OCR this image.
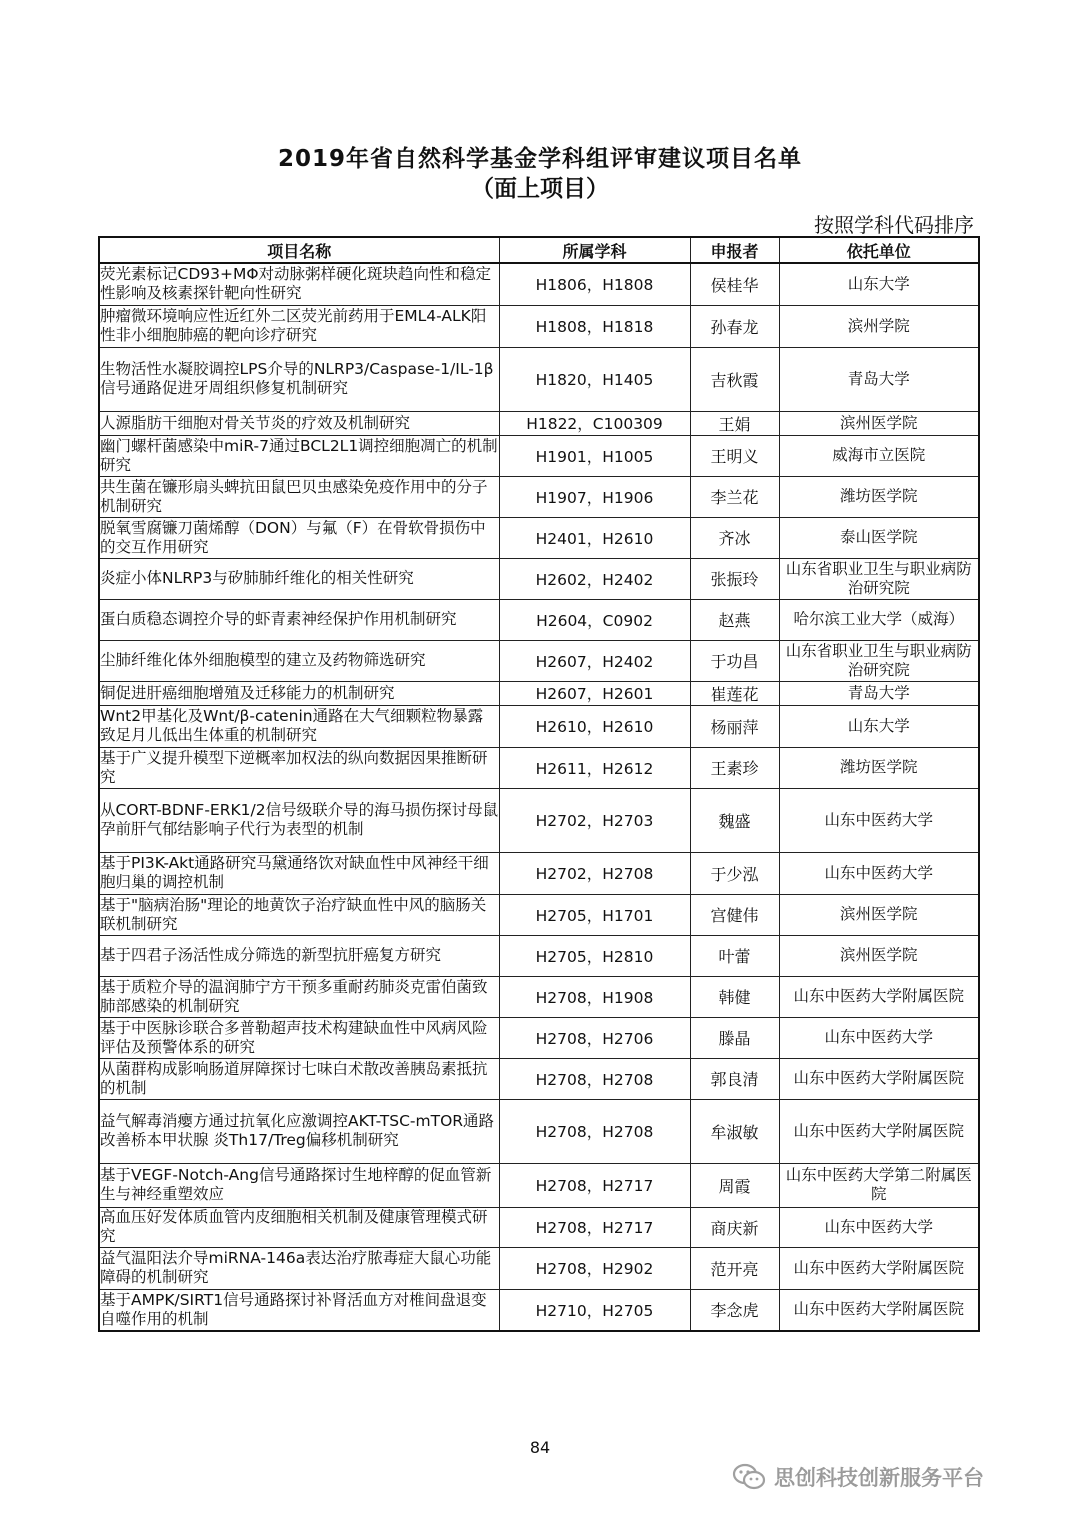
2019年省自然科学基金学科组评审建议项目名单
（面上项目）
按照学科代码排序
项目名称	所属学科	申报者	依托单位

荧光素标记CD93+MΦ对动脉粥样硬化斑块趋向性和稳定性影响及核素探针靶向性研究	H1806，H1808	侯桂华	山东大学

肿瘤微环境响应性近红外二区荧光前药用于EML4-ALK阳性非小细胞肺癌的靶向诊疗研究	H1808，H1818	孙春龙	滨州学院

生物活性水凝胶调控LPS介导的NLRP3/Caspase-1/IL-1β信号通路促进牙周组织修复机制研究	H1820，H1405	吉秋霞	青岛大学

人源脂肪干细胞对骨关节炎的疗效及机制研究	H1822，C100309	王娟	滨州医学院

幽门螺杆菌感染中miR-7通过BCL2L1调控细胞凋亡的机制研究	H1901，H1005	王明义	威海市立医院

共生菌在镰形扇头蜱抗田鼠巴贝虫感染免疫作用中的分子机制研究	H1907，H1906	李兰花	潍坊医学院

脱氧雪腐镰刀菌烯醇（DON）与氟（F）在骨软骨损伤中的交互作用研究	H2401，H2610	齐冰	泰山医学院

炎症小体NLRP3与矽肺肺纤维化的相关性研究	H2602，H2402	张振玲	山东省职业卫生与职业病防治研究院

蛋白质稳态调控介导的虾青素神经保护作用机制研究	H2604，C0902	赵燕	哈尔滨工业大学（威海）

尘肺纤维化体外细胞模型的建立及药物筛选研究	H2607，H2402	于功昌	山东省职业卫生与职业病防治研究院

铜促进肝癌细胞增殖及迁移能力的机制研究	H2607，H2601	崔莲花	青岛大学

Wnt2甲基化及Wnt/β-catenin通路在大气细颗粒物暴露致足月儿低出生体重的机制研究	H2610，H2610	杨丽萍	山东大学

基于广义提升模型下逆概率加权法的纵向数据因果推断研究	H2611，H2612	王素珍	潍坊医学院

从CORT-BDNF-ERK1/2信号级联介导的海马损伤探讨母鼠孕前肝气郁结影响子代行为表型的机制	H2702，H2703	魏盛	山东中医药大学

基于PI3K-Akt通路研究马黛通络饮对缺血性中风神经干细胞归巢的调控机制	H2702，H2708	于少泓	山东中医药大学

基于"脑病治肠"理论的地黄饮子治疗缺血性中风的脑肠关联机制研究	H2705，H1701	宫健伟	滨州医学院

基于四君子汤活性成分筛选的新型抗肝癌复方研究	H2705，H2810	叶蕾	滨州医学院

基于质粒介导的温润肺宁方干预多重耐药肺炎克雷伯菌致肺部感染的机制研究	H2708，H1908	韩健	山东中医药大学附属医院

基于中医脉诊联合多普勒超声技术构建缺血性中风病风险评估及预警体系的研究	H2708，H2706	滕晶	山东中医药大学

从菌群构成影响肠道屏障探讨七味白术散改善胰岛素抵抗的机制	H2708，H2708	郭良清	山东中医药大学附属医院

益气解毒消瘿方通过抗氧化应激调控AKT-TSC-mTOR通路改善桥本甲状腺 炎Th17/Treg偏移机制研究	H2708，H2708	牟淑敏	山东中医药大学附属医院

基于VEGF-Notch-Ang信号通路探讨生地梓醇的促血管新生与神经重塑效应	H2708，H2717	周霞	山东中医药大学第二附属医院

高血压好发体质血管内皮细胞相关机制及健康管理模式研究	H2708，H2717	商庆新	山东中医药大学

益气温阳法介导miRNA-146a表达治疗脓毒症大鼠心功能障碍的机制研究	H2708，H2902	范开亮	山东中医药大学附属医院

基于AMPK/SIRT1信号通路探讨补肾活血方对椎间盘退变自噬作用的机制	H2710，H2705	李念虎	山东中医药大学附属医院
84
思创科技创新服务平台
